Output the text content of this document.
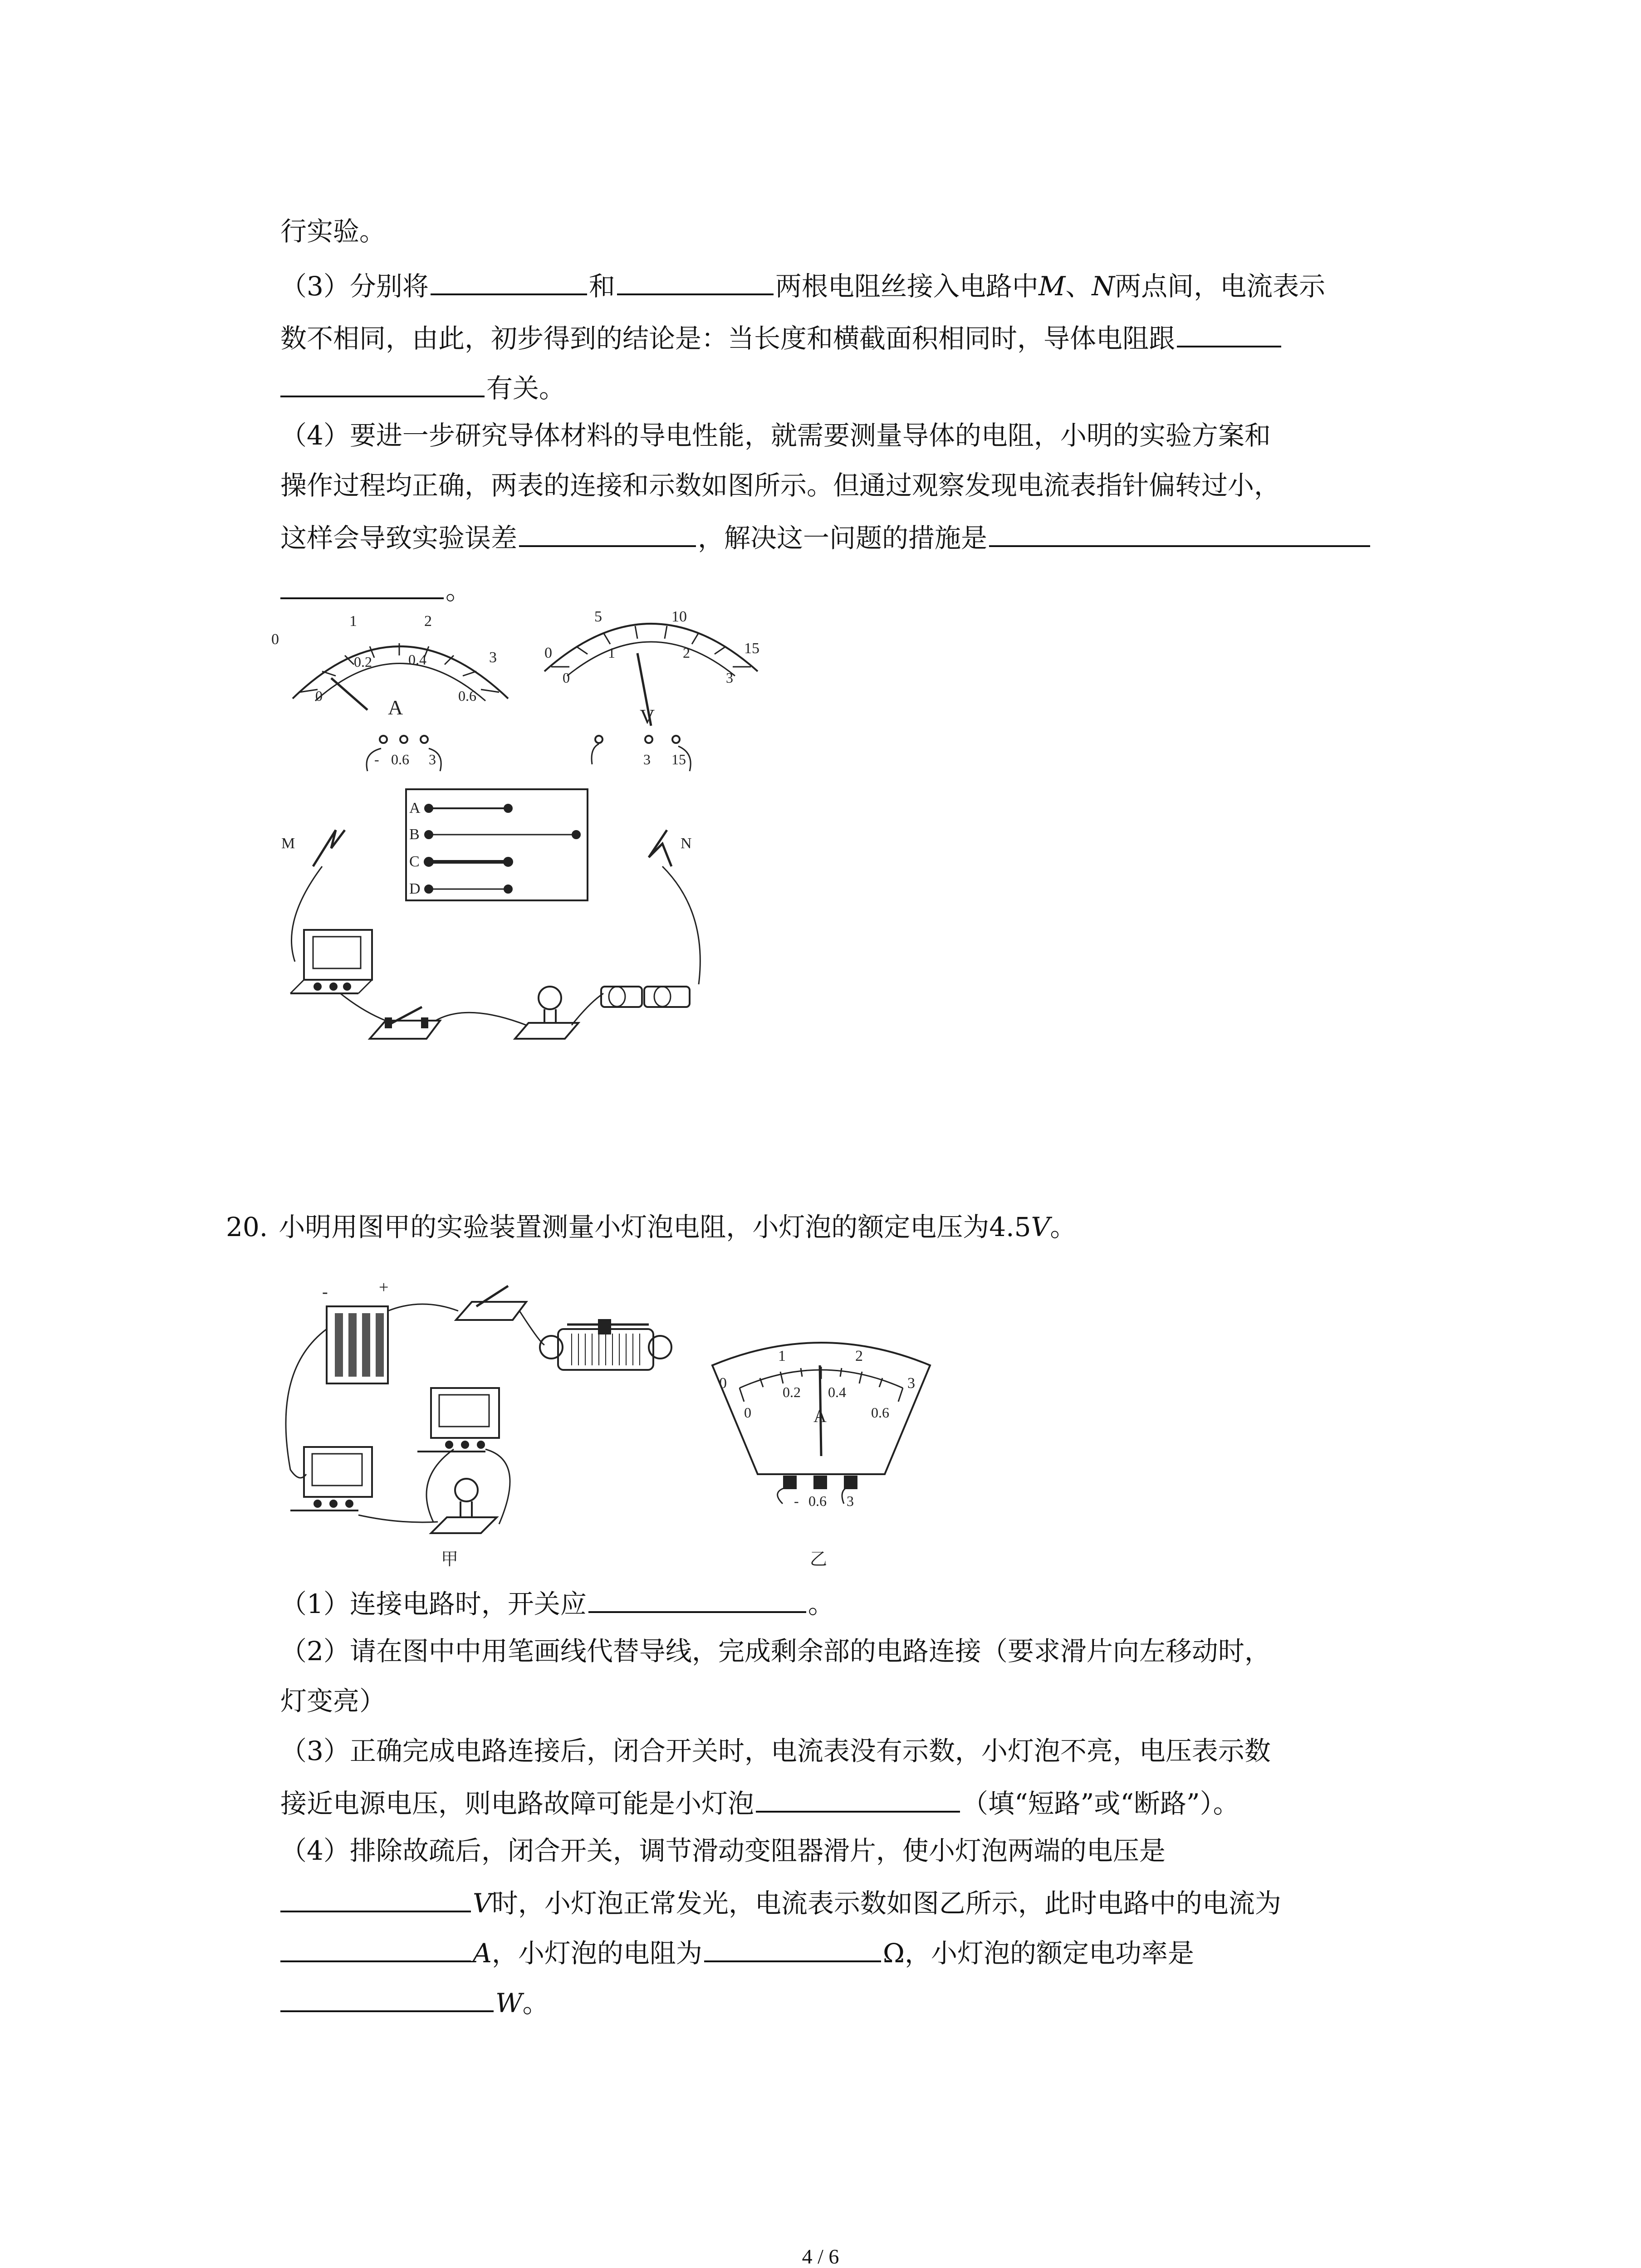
行实验。
（3）分别将	和	两根电阻丝接入电路中M、N两点间，电流表示
数不相同，由此，初步得到的结论是：当长度和横截面积相同时，导体电阻跟
有关。
（4）要进一步研究导体材料的导电性能，就需要测量导体的电阻，小明的实验方案和
操作过程均正确，两表的连接和示数如图所示。但通过观察发现电流表指针偏转过小，
这样会导致实验误差	，解决这一问题的措施是
。
0
1	2
3
0
0.2	0.4
0.6
A
- 0.6 3
0
5	10
15
0
1	2
3
V
3 15
A
B
C
D
M	N
20. 小明用图甲的实验装置测量小灯泡电阻，小灯泡的额定电压为4.5V。
-	+
甲
1	2
3
0
0
0.2 0.4
0.6
A
- 0.6 3
乙
（1）连接电路时，开关应	。
（2）请在图中中用笔画线代替导线，完成剩余部的电路连接（要求滑片向左移动时，
灯变亮）
（3）正确完成电路连接后，闭合开关时，电流表没有示数，小灯泡不亮，电压表示数
接近电源电压，则电路故障可能是小灯泡	（填“短路”或“断路”）。
（4）排除故疏后，闭合开关，调节滑动变阻器滑片，使小灯泡两端的电压是
V时，小灯泡正常发光，电流表示数如图乙所示，此时电路中的电流为
A，小灯泡的电阻为	Ω，小灯泡的额定电功率是
W。
4 / 6
